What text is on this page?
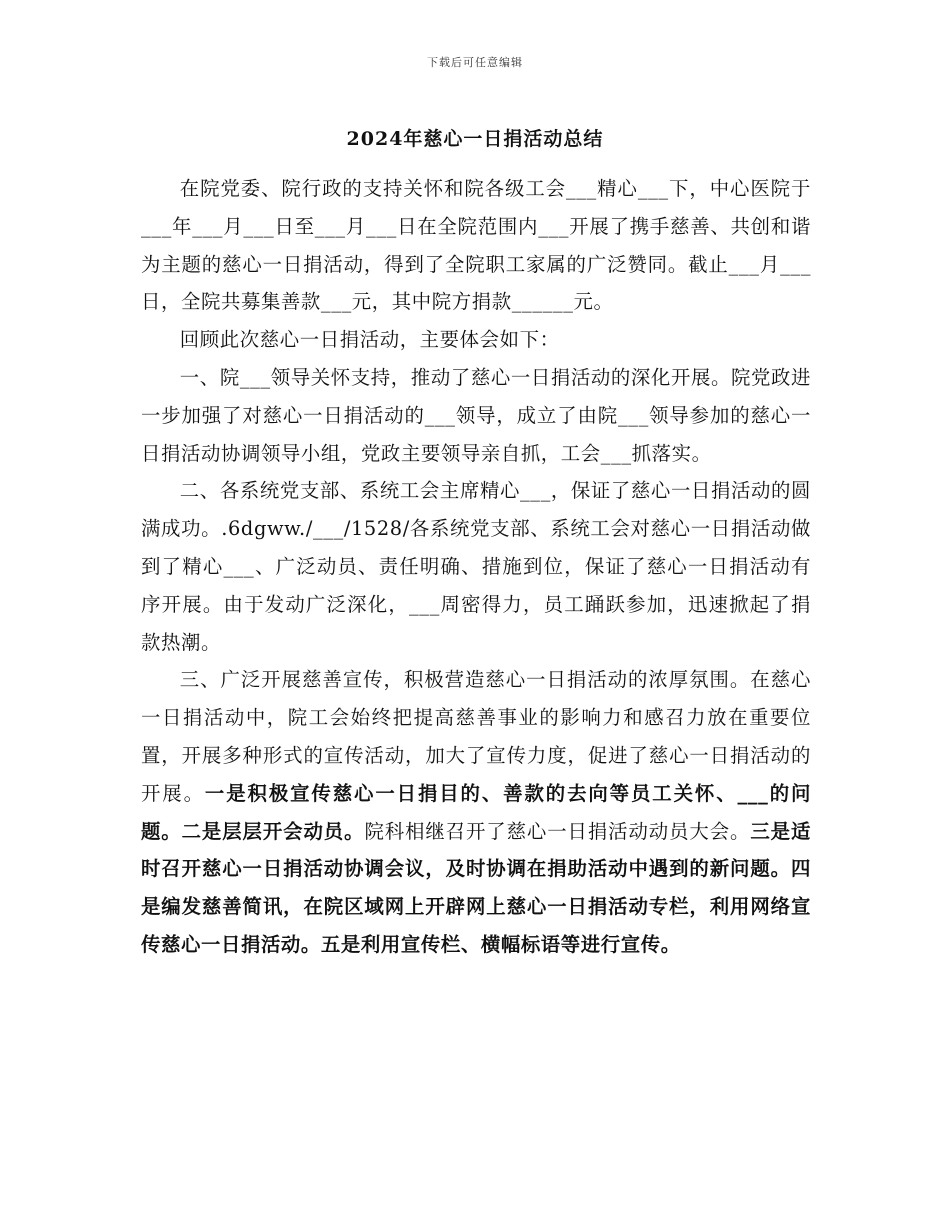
下载后可任意编辑
2024年慈心一日捐活动总结

在院党委、院行政的支持关怀和院各级工会___精心___下，中心医院于___年___月___日至___月___日在全院范围内___开展了携手慈善、共创和谐为主题的慈心一日捐活动，得到了全院职工家属的广泛赞同。截止___月___日，全院共募集善款___元，其中院方捐款______元。

回顾此次慈心一日捐活动，主要体会如下：

一、院___领导关怀支持，推动了慈心一日捐活动的深化开展。院党政进一步加强了对慈心一日捐活动的___领导，成立了由院___领导参加的慈心一日捐活动协调领导小组，党政主要领导亲自抓，工会___抓落实。

二、各系统党支部、系统工会主席精心___，保证了慈心一日捐活动的圆满成功。.6dgww./___/1528/各系统党支部、系统工会对慈心一日捐活动做到了精心___、广泛动员、责任明确、措施到位，保证了慈心一日捐活动有序开展。由于发动广泛深化，___周密得力，员工踊跃参加，迅速掀起了捐款热潮。

三、广泛开展慈善宣传，积极营造慈心一日捐活动的浓厚氛围。在慈心一日捐活动中，院工会始终把提高慈善事业的影响力和感召力放在重要位置，开展多种形式的宣传活动，加大了宣传力度，促进了慈心一日捐活动的开展。一是积极宣传慈心一日捐目的、善款的去向等员工关怀、___的问题。二是层层开会动员。院科相继召开了慈心一日捐活动动员大会。三是适时召开慈心一日捐活动协调会议，及时协调在捐助活动中遇到的新问题。四是编发慈善简讯，在院区域网上开辟网上慈心一日捐活动专栏，利用网络宣传慈心一日捐活动。五是利用宣传栏、横幅标语等进行宣传。
